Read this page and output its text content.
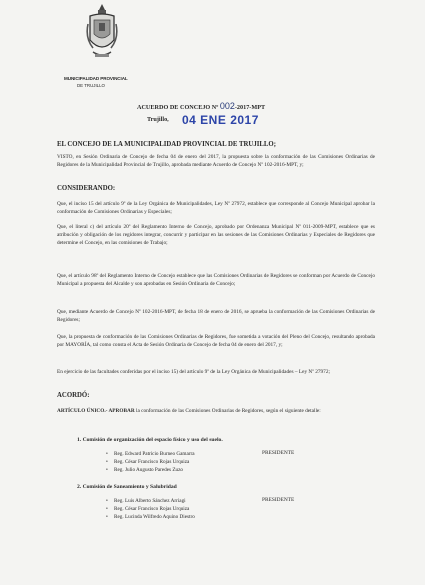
MUNICIPALIDAD PROVINCIAL
DE TRUJILLO
ACUERDO DE CONCEJO Nº 002-2017-MPT
Trujillo, 04 ENE 2017
EL CONCEJO DE LA MUNICIPALIDAD PROVINCIAL DE TRUJILLO;
VISTO, en Sesión Ordinaria de Concejo de fecha 04 de enero del 2017, la propuesta sobre la conformación de las Comisiones Ordinarias de Regidores de la Municipalidad Provincial de Trujillo, aprobada mediante Acuerdo de Concejo Nº 102-2016-MPT, y;
CONSIDERANDO:
Que, el inciso 15 del artículo 9º de la Ley Orgánica de Municipalidades, Ley Nº 27972, establece que corresponde al Concejo Municipal aprobar la conformación de Comisiones Ordinarias y Especiales;
Que, el literal c) del artículo 20º del Reglamento Interno de Concejo, aprobado por Ordenanza Municipal Nº 011-2009-MPT, establece que es atribución y obligación de los regidores integrar, concurrir y participar en las sesiones de las Comisiones Ordinarias y Especiales de Regidores que determine el Concejo, en las comisiones de Trabajo;
Que, el artículo 98º del Reglamento Interno de Concejo establece que las Comisiones Ordinarias de Regidores se conforman por Acuerdo de Concejo Municipal a propuesta del Alcalde y son aprobadas en Sesión Ordinaria de Concejo;
Que, mediante Acuerdo de Concejo Nº 102-2016-MPT, de fecha 18 de enero de 2016, se aprueba la conformación de las Comisiones Ordinarias de Regidores;
Que, la propuesta de conformación de las Comisiones Ordinarias de Regidores, fue sometida a votación del Pleno del Concejo, resultando aprobada por MAYORÍA, tal como consta el Acta de Sesión Ordinaria de Concejo de fecha 04 de enero del 2017, y;
En ejercicio de las facultades conferidas por el inciso 15) del artículo 9º de la Ley Orgánica de Municipalidades – Ley Nº 27972;
ACORDÓ:
ARTÍCULO ÚNICO.- APROBAR la conformación de las Comisiones Ordinarias de Regidores, según el siguiente detalle:
1. Comisión de organización del espacio físico y uso del suelo.
• Reg. Edward Patricio Burneo Gamarra
• Reg. César Francisco Rojas Urquiza
• Reg. Julio Augusto Paredes Zuzo
PRESIDENTE
2. Comisión de Saneamiento y Salubridad
• Reg. Luis Alberto Sánchez Arriagi
• Reg. César Francisco Rojas Urquiza
• Reg. Lucinda Wilfredo Aquino Diestro
PRESIDENTE
